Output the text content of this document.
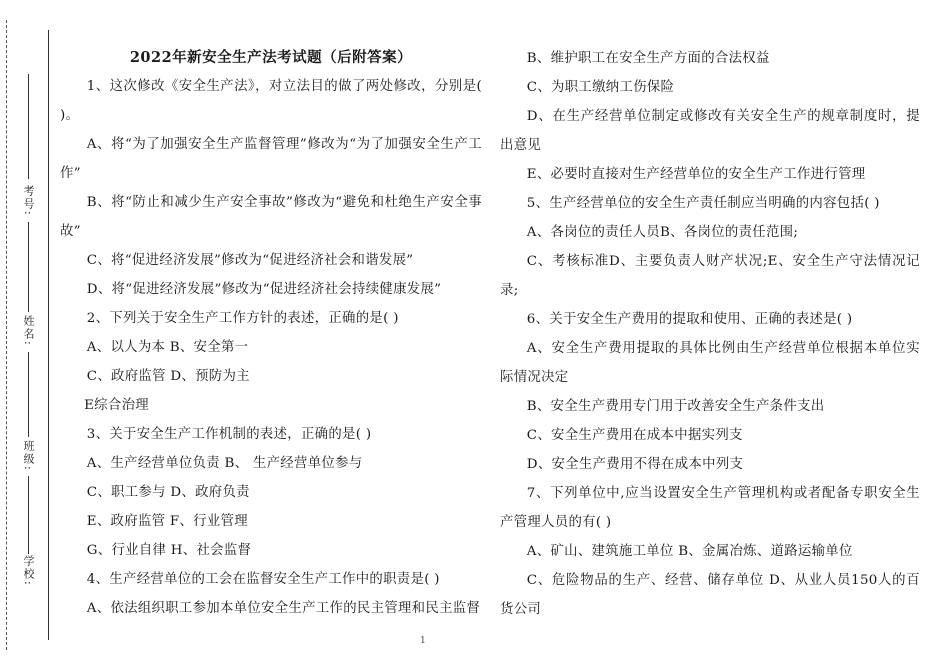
考号:
姓名:
班级:
学校:
2022年新安全生产法考试题（后附答案）

1、这次修改《安全生产法》，对立法目的做了两处修改，分别是( )。

A、将“为了加强安全生产监督管理”修改为“为了加强安全生产工作”

B、将“防止和减少生产安全事故”修改为“避免和杜绝生产安全事故”

C、将“促进经济发展”修改为“促进经济社会和谐发展”

D、将“促进经济发展”修改为“促进经济社会持续健康发展”

2、下列关于安全生产工作方针的表述，正确的是( )

A、以人为本 B、安全第一

C、政府监管 D、预防为主

E综合治理

3、关于安全生产工作机制的表述，正确的是( )

A、生产经营单位负责 B、 生产经营单位参与

C、职工参与 D、政府负责

E、政府监管 F、行业管理

G、行业自律 H、社会监督

4、生产经营单位的工会在监督安全生产工作中的职责是( )

A、依法组织职工参加本单位安全生产工作的民主管理和民主监督

B、维护职工在安全生产方面的合法权益

C、为职工缴纳工伤保险

D、在生产经营单位制定或修改有关安全生产的规章制度时，提出意见

E、必要时直接对生产经营单位的安全生产工作进行管理

5、生产经营单位的安全生产责任制应当明确的内容包括( )

A、各岗位的责任人员B、各岗位的责任范围;

C、考核标准D、主要负责人财产状况;E、安全生产守法情况记录;

6、关于安全生产费用的提取和使用、正确的表述是( )

A、安全生产费用提取的具体比例由生产经营单位根据本单位实际情况决定

B、安全生产费用专门用于改善安全生产条件支出

C、安全生产费用在成本中据实列支

D、安全生产费用不得在成本中列支

7、下列单位中,应当设置安全生产管理机构或者配备专职安全生产管理人员的有( )

A、矿山、建筑施工单位 B、金属冶炼、道路运输单位

C、危险物品的生产、经营、储存单位 D、从业人员150人的百货公司

1
